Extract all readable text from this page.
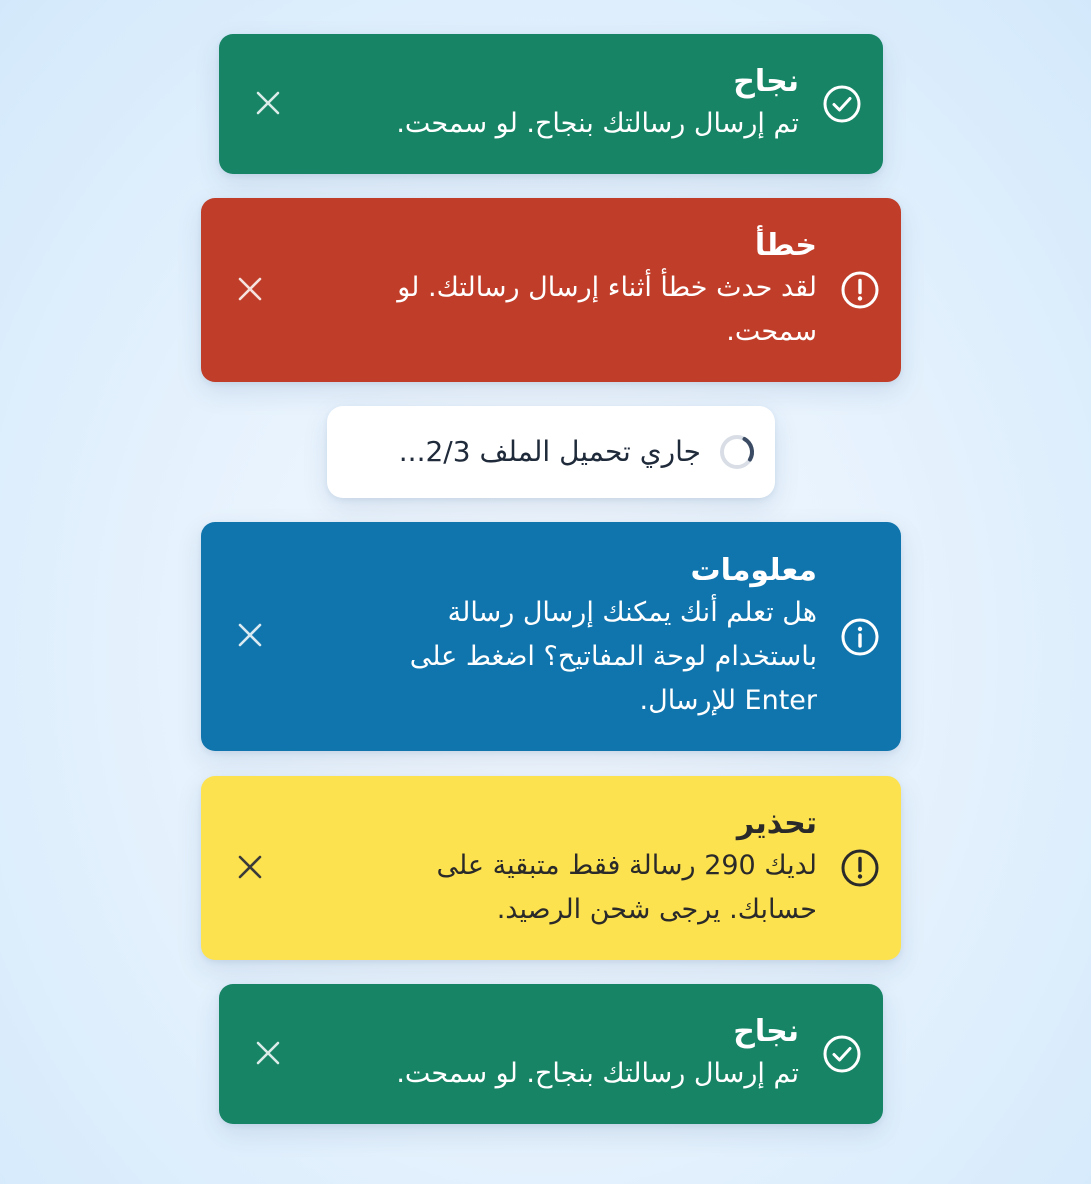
نجاح

تم إرسال رسالتك بنجاح. لو سمحت.

خطأ

لقد حدث خطأ أثناء إرسال رسالتك. لو سمحت.

جاري تحميل الملف 2/3...

معلومات

هل تعلم أنك يمكنك إرسال رسالة باستخدام لوحة المفاتيح؟ اضغط على Enter للإرسال.

تحذير

لديك 290 رسالة فقط متبقية على حسابك. يرجى شحن الرصيد.

نجاح

تم إرسال رسالتك بنجاح. لو سمحت.
